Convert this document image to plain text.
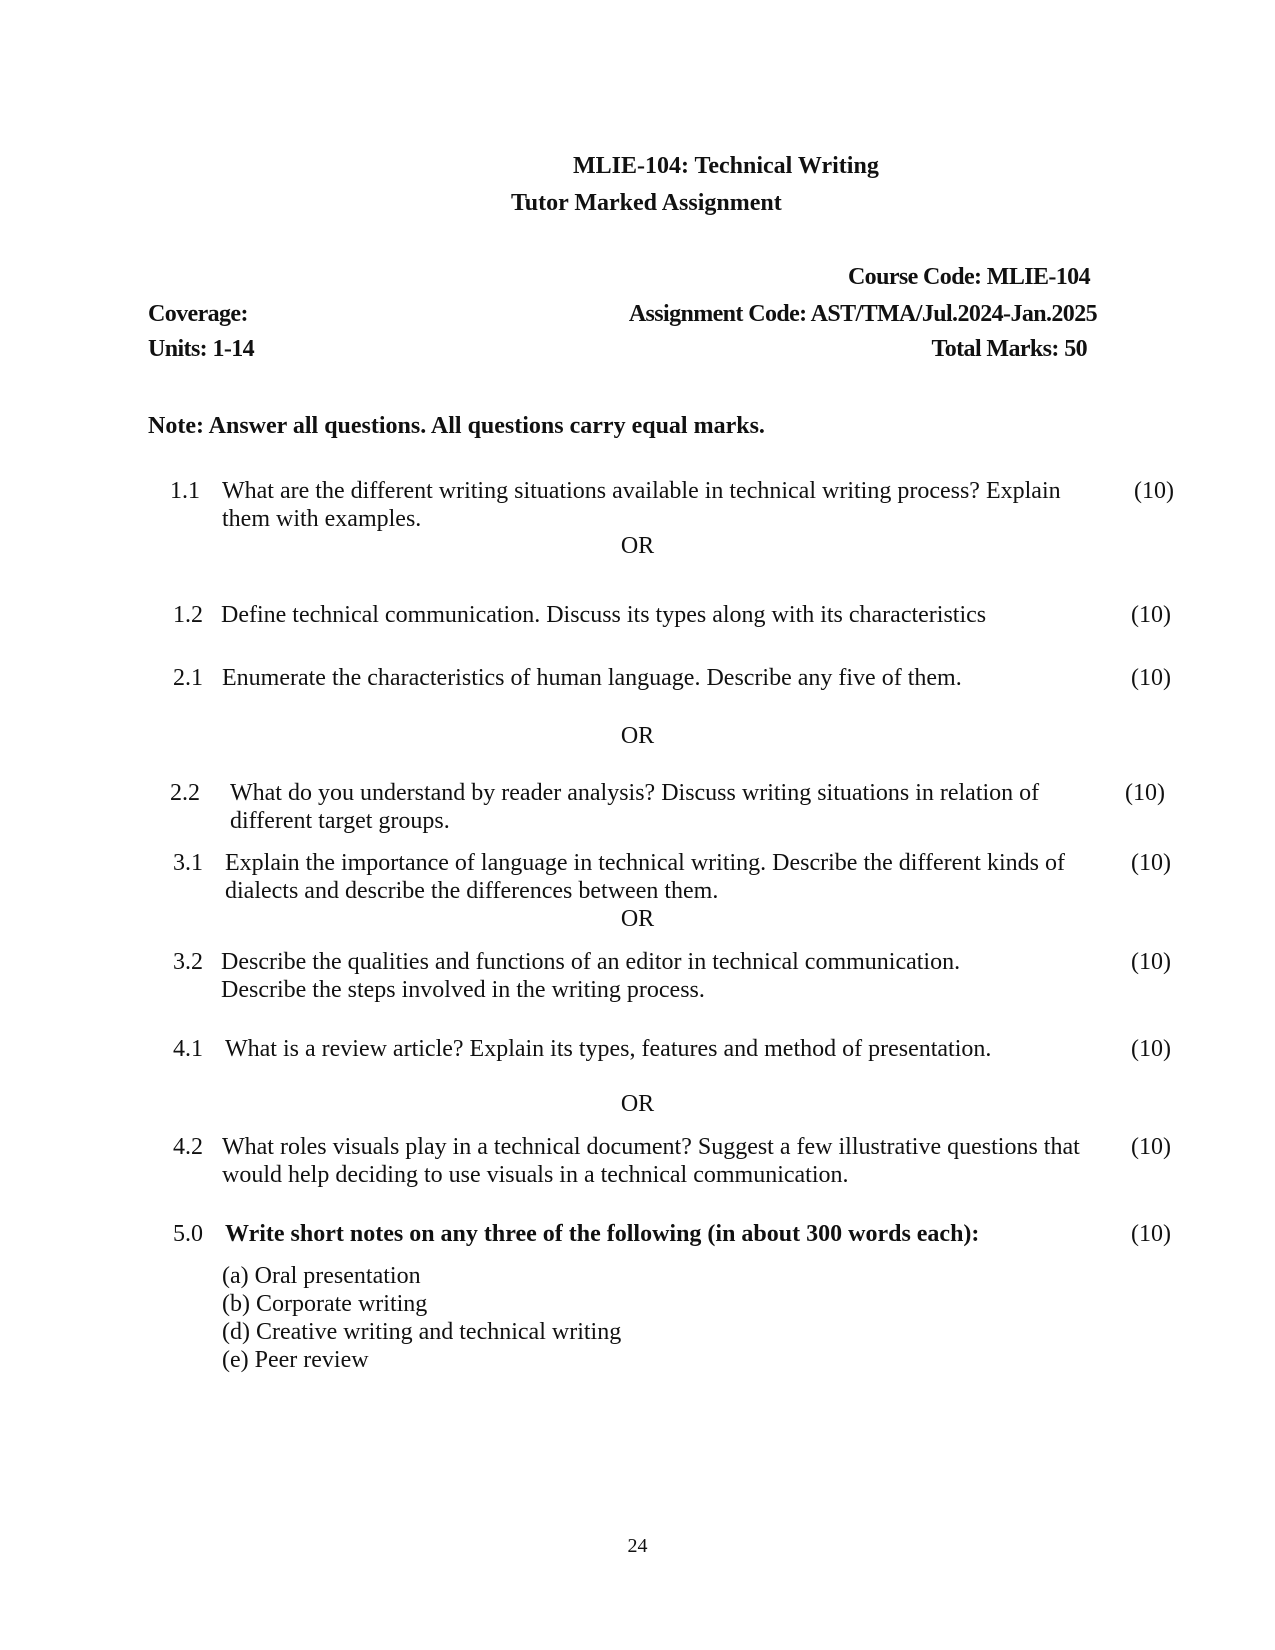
MLIE-104: Technical Writing
Tutor Marked Assignment
Course Code: MLIE-104
Coverage:	Assignment Code: AST/TMA/Jul.2024-Jan.2025
Units: 1-14	Total Marks: 50
Note: Answer all questions. All questions carry equal marks.
1.1 What are the different writing situations available in technical writing process? Explain
them with examples.
(10)
OR
1.2 Define technical communication. Discuss its types along with its characteristics	(10)
2.1 Enumerate the characteristics of human language. Describe any five of them.	(10)
OR
2.2 What do you understand by reader analysis? Discuss writing situations in relation of
different target groups.
(10)
3.1 Explain the importance of language in technical writing. Describe the different kinds of
dialects and describe the differences between them.
(10)
OR
3.2 Describe the qualities and functions of an editor in technical communication.
Describe the steps involved in the writing process.
(10)
4.1 What is a review article? Explain its types, features and method of presentation.	(10)
OR
4.2 What roles visuals play in a technical document? Suggest a few illustrative questions that
would help deciding to use visuals in a technical communication.
(10)
5.0 Write short notes on any three of the following (in about 300 words each):	(10)
(a) Oral presentation
(b) Corporate writing
(d) Creative writing and technical writing
(e) Peer review
24
